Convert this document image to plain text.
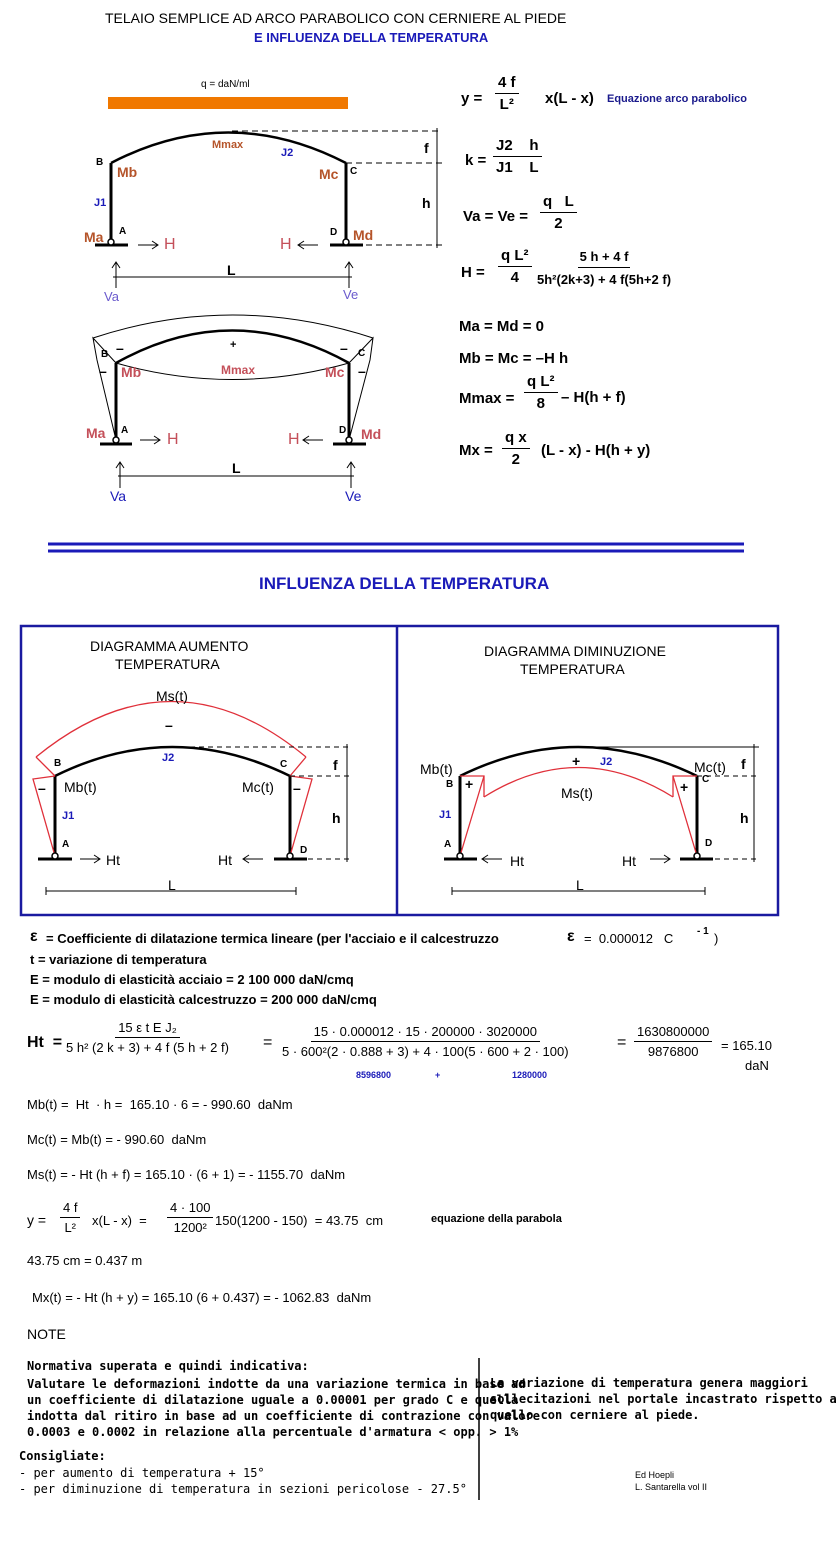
TELAIO SEMPLICE AD ARCO PARABOLICO CON CERNIERE AL PIEDE
E INFLUENZA DELLA TEMPERATURA
q = daN/ml
B
Mb
Mmax
J2
Mc C
J1
Ma A
H	H
D Md
L
Va	Ve
f
h
B –
– Mb
+
Mmax	Mc
– C
–
Ma A
H	H
D Md
L
Va	Ve
$y = \frac{4 f}{\text{L²}} x(L - x)$ Equazione arco parabolico
$k = \frac{J2 h}{J1 L}$
$Va = Ve = \frac{\text{q   L}}{2}$
$H = \frac{\text{q L²}}{4} \frac{5 h + 4 f}{\text{5h²(2k+3) + 4 f(5h+2 f)}}$
Ma = Md = 0
Mb = Mc = –H h
$Mmax = \frac{\text{q L²}}{8} - H(h + f)$
$Mx = \frac{\text{q x}}{2} (L - x) - H(h + y)$
INFLUENZA DELLA TEMPERATURA
DIAGRAMMA AUMENTO
TEMPERATURA
Ms(t)
–
J2
B	C
– Mb(t)	Mc(t) –
J1
A
Ht	Ht
D
f
h
L
DIAGRAMMA DIMINUZIONE
TEMPERATURA
+ J2
Mb(t)	Mc(t)
B +
Ms(t)	+ C
J1
A
Ht	Ht
D
f
h
L
ε = Coefficiente di dilatazione termica lineare (per l'acciaio e il calcestruzzo	ε =  0.000012   C - 1 )
t = variazione di temperatura
E = modulo di elasticità acciaio = 2 100 000 daN/cmq
E = modulo di elasticità calcestruzzo = 200 000 daN/cmq
$Ht = \frac{\text{15 ε t E J₂}}{\text{5 h² (2 k + 3) + 4 f (5 h + 2 f)}} = \frac{15 \cdot 0.000012 \cdot 15 \cdot 200000 \cdot 3020000}{\text{5 · 600²(2 · 0.888 + 3) + 4 · 100(5 · 600 + 2 · 100)}}$	= $\frac{1630800000}{9876800} = 165.10$
daN
8596800	+	1280000
Mb(t) =  Ht  · h =  165.10 · 6 = - 990.60  daNm
Mc(t) = Mb(t) = - 990.60  daNm
Ms(t) = - Ht (h + f) = 165.10 · (6 + 1) = - 1155.70  daNm
$y = \frac{4 f}{\text{L²}} x(L - x) = \frac{4 \cdot 100}{\text{1200²}} 150(1200 - 150) = 43.75$  cm	equazione della parabola
43.75 cm = 0.437 m
Mx(t) = - Ht (h + y) = 165.10 (6 + 0.437) = - 1062.83  daNm
NOTE
Normativa superata e quindi indicativa:
Valutare le deformazioni indotte da una variazione termica in base ad
un coefficiente di dilatazione uguale a 0.00001 per grado C e quella
indotta dal ritiro in base ad un coefficiente di contrazione con valore
0.0003 e 0.0002 in relazione alla percentuale d'armatura < opp. > 1%
Consigliate:
- per aumento di temperatura + 15°
- per diminuzione di temperatura in sezioni pericolose - 27.5°
La variazione di temperatura genera maggiori
sollecitazioni nel portale incastrato rispetto a
quello con cerniere al piede.
Ed Hoepli
L. Santarella vol II
